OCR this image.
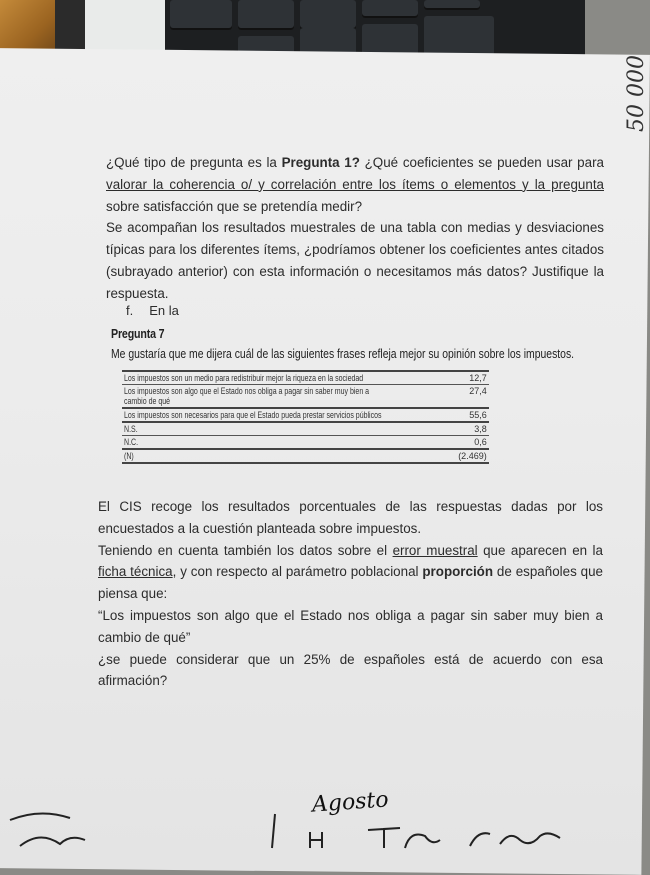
50 000

¿Qué tipo de pregunta es la Pregunta 1? ¿Qué coeficientes se pueden usar para valorar la coherencia o/ y correlación entre los ítems o elementos y la pregunta sobre satisfacción que se pretendía medir?

Se acompañan los resultados muestrales de una tabla con medias y desviaciones típicas para los diferentes ítems, ¿podríamos obtener los coeficientes antes citados (subrayado anterior) con esta información o necesitamos más datos? Justifique la respuesta.

f. En la
Pregunta 7
Me gustaría que me dijera cuál de las siguientes frases refleja mejor su opinión sobre los impuestos.
Los impuestos son un medio para redistribuir mejor la riqueza en la sociedad	12,7
Los impuestos son algo que el Estado nos obliga a pagar sin saber muy bien a
cambio de qué	27,4
Los impuestos son necesarios para que el Estado pueda prestar servicios públicos	55,6
N.S.	3,8
N.C.	0,6
(N)	(2.469)

El CIS recoge los resultados porcentuales de las respuestas dadas por los encuestados a la cuestión planteada sobre impuestos.

Teniendo en cuenta también los datos sobre el error muestral que aparecen en la ficha técnica, y con respecto al parámetro poblacional proporción de españoles que piensa que:

“Los impuestos son algo que el Estado nos obliga a pagar sin saber muy bien a cambio de qué”

¿se puede considerar que un 25% de españoles está de acuerdo con esa afirmación?

Agosto
